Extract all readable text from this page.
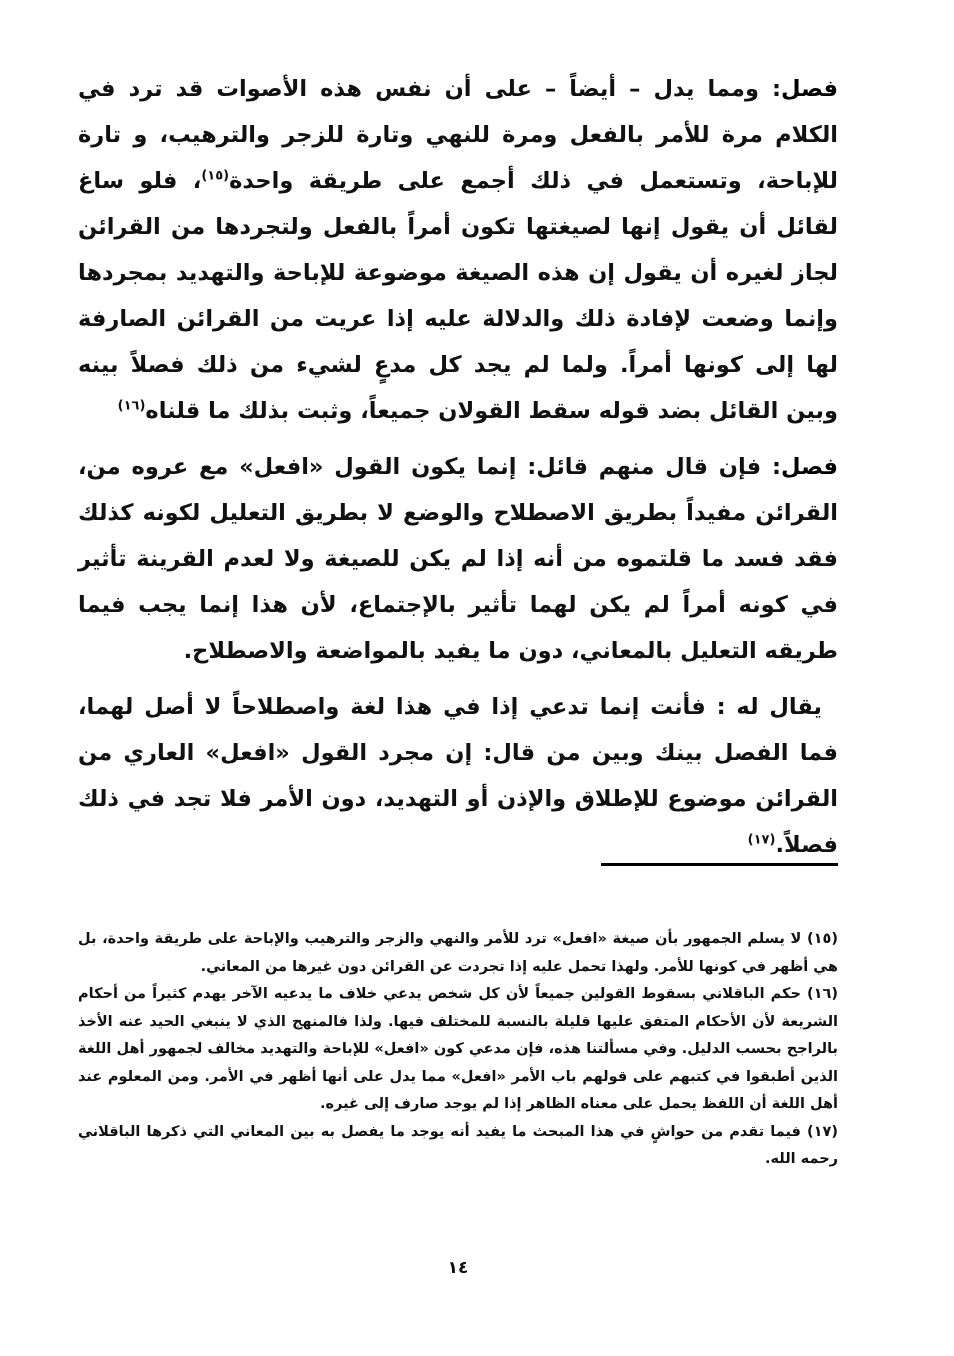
فصل: ومما يدل – أيضاً – على أن نفس هذه الأصوات قد ترد في الكلام مرة للأمر بالفعل ومرة للنهي وتارة للزجر والترهيب، و تارة للإباحة، وتستعمل في ذلك أجمع على طريقة واحدة$^{(١٥)}$، فلو ساغ لقائل أن يقول إنها لصيغتها تكون أمراً بالفعل ولتجردها من القرائن لجاز لغيره أن يقول إن هذه الصيغة موضوعة للإباحة والتهديد بمجردها وإنما وضعت لإفادة ذلك والدلالة عليه إذا عريت من القرائن الصارفة لها إلى كونها أمراً. ولما لم يجد كل مدعٍ لشيء من ذلك فصلاً بينه وبين القائل بضد قوله سقط القولان جميعاً، وثبت بذلك ما قلناه$^{(١٦)}$

فصل: فإن قال منهم قائل: إنما يكون القول «افعل» مع عروه من، القرائن مفيداً بطريق الاصطلاح والوضع لا بطريق التعليل لكونه كذلك فقد فسد ما قلتموه من أنه إذا لم يكن للصيغة ولا لعدم القرينة تأثير في كونه أمراً لم يكن لهما تأثير بالإجتماع، لأن هذا إنما يجب فيما طريقه التعليل بالمعاني، دون ما يفيد بالمواضعة والاصطلاح.

يقال له : فأنت إنما تدعي إذا في هذا لغة واصطلاحاً لا أصل لهما، فما الفصل بينك وبين من قال: إن مجرد القول «افعل» العاري من القرائن موضوع للإطلاق والإذن أو التهديد، دون الأمر فلا تجد في ذلك فصلاً.$^{(١٧)}$

(١٥) لا يسلم الجمهور بأن صيغة «افعل» ترد للأمر والنهي والزجر والترهيب والإباحة على طريقة واحدة، بل هي أظهر في كونها للأمر. ولهذا تحمل عليه إذا تجردت عن القرائن دون غيرها من المعاني.

(١٦) حكم الباقلاني بسقوط القولين جميعاً لأن كل شخص يدعي خلاف ما يدعيه الآخر يهدم كثيراً من أحكام الشريعة لأن الأحكام المتفق عليها قليلة بالنسبة للمختلف فيها. ولذا فالمنهج الذي لا ينبغي الحيد عنه الأخذ بالراجح بحسب الدليل. وفي مسألتنا هذه، فإن مدعي كون «افعل» للإباحة والتهديد مخالف لجمهور أهل اللغة الذين أطبقوا في كتبهم على قولهم باب الأمر «افعل» مما يدل على أنها أظهر في الأمر. ومن المعلوم عند أهل اللغة أن اللفظ يحمل على معناه الظاهر إذا لم يوجد صارف إلى غيره.

(١٧) فيما تقدم من حواشٍ في هذا المبحث ما يفيد أنه يوجد ما يفصل به بين المعاني التي ذكرها الباقلاني رحمه الله.

١٤
